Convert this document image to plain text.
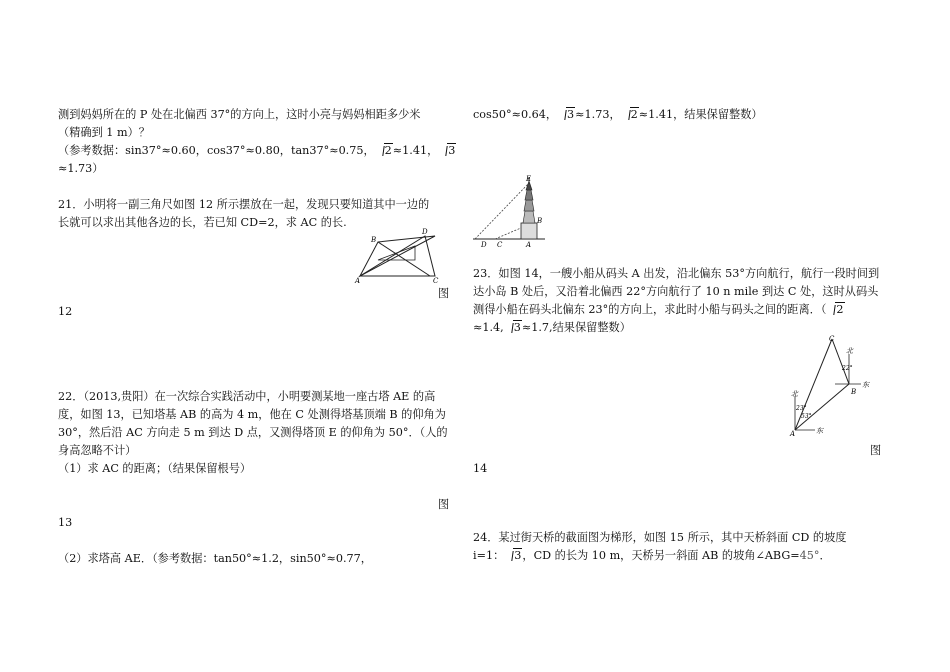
测到妈妈所在的 P 处在北偏西 37°的方向上，这时小亮与妈妈相距多少米
（精确到 1 m）？
（参考数据：sin37°≈0.60，cos37°≈0.80，tan37°≈0.75， 2≈1.41， 3
≈1.73）
21．小明将一副三角尺如图 12 所示摆放在一起，发现只要知道其中一边的
长就可以求出其他各边的长，若已知 CD=2，求 AC 的长.
A
B
C
D
图
12
22．（2013,贵阳）在一次综合实践活动中，小明要测某地一座古塔 AE 的高
度，如图 13，已知塔基 AB 的高为 4 m，他在 C 处测得塔基顶端 B 的仰角为
30°，然后沿 AC 方向走 5 m 到达 D 点，又测得塔顶 E 的仰角为 50°．（人的
身高忽略不计）
（1）求 AC 的距离；（结果保留根号）
图
13
（2）求塔高 AE．（参考数据：tan50°≈1.2，sin50°≈0.77，
cos50°≈0.64， 3≈1.73， 2≈1.41，结果保留整数）
E
B
D C	A
23．如图 14，一艘小船从码头 A 出发，沿北偏东 53°方向航行，航行一段时间到
达小岛 B 处后，又沿着北偏西 22°方向航行了 10 n mile 到达 C 处，这时从码头
测得小船在码头北偏东 23°的方向上，求此时小船与码头之间的距离．（ 2
≈1.4, 3≈1.7,结果保留整数）
C
B
A
北
东
北
东
23°
53°
22°
图
14
24．某过街天桥的截面图为梯形，如图 15 所示，其中天桥斜面 CD 的坡度
i=1： 3，CD 的长为 10 m，天桥另一斜面 AB 的坡角∠ABG=45°．
